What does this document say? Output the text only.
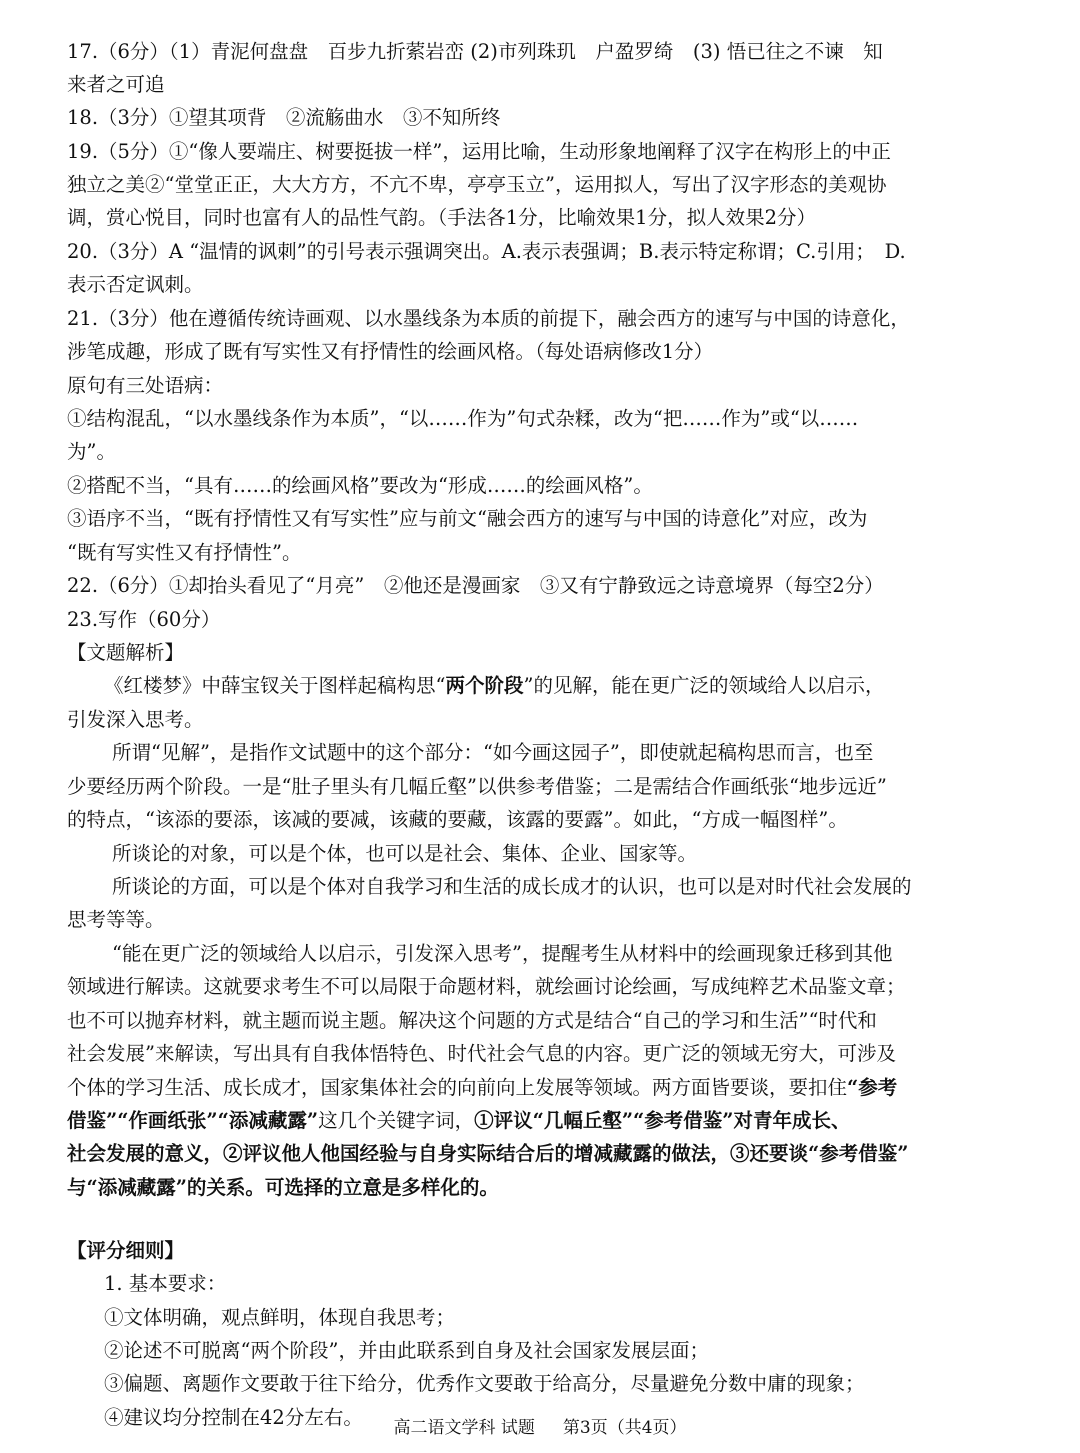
17.（6分）（1）青泥何盘盘　百步九折萦岩峦 (2)市列珠玑　户盈罗绮　(3) 悟已往之不谏　知
来者之可追
18.（3分）①望其项背　②流觞曲水　③不知所终
19.（5分）①“像人要端庄、树要挺拔一样”，运用比喻，生动形象地阐释了汉字在构形上的中正
独立之美②“堂堂正正，大大方方，不亢不卑，亭亭玉立”，运用拟人，写出了汉字形态的美观协
调，赏心悦目，同时也富有人的品性气韵。（手法各1分，比喻效果1分，拟人效果2分）
20.（3分）A “温情的讽刺”的引号表示强调突出。A.表示表强调；B.表示特定称谓；C.引用；　D.
表示否定讽刺。
21.（3分）他在遵循传统诗画观、以水墨线条为本质的前提下，融会西方的速写与中国的诗意化，
涉笔成趣，形成了既有写实性又有抒情性的绘画风格。（每处语病修改1分）
原句有三处语病：
①结构混乱，“以水墨线条作为本质”，“以……作为”句式杂糅，改为“把……作为”或“以……
为”。
②搭配不当，“具有……的绘画风格”要改为“形成……的绘画风格”。
③语序不当，“既有抒情性又有写实性”应与前文“融会西方的速写与中国的诗意化”对应，改为
“既有写实性又有抒情性”。
22.（6分）①却抬头看见了“月亮”　②他还是漫画家　③又有宁静致远之诗意境界（每空2分）
23.写作（60分）
【文题解析】
《红楼梦》中薛宝钗关于图样起稿构思“两个阶段”的见解，能在更广泛的领域给人以启示，
引发深入思考。
所谓“见解”，是指作文试题中的这个部分：“如今画这园子”，即使就起稿构思而言，也至
少要经历两个阶段。一是“肚子里头有几幅丘壑”以供参考借鉴；二是需结合作画纸张“地步远近”
的特点，“该添的要添，该减的要减，该藏的要藏，该露的要露”。如此，“方成一幅图样”。
所谈论的对象，可以是个体，也可以是社会、集体、企业、国家等。
所谈论的方面，可以是个体对自我学习和生活的成长成才的认识，也可以是对时代社会发展的
思考等等。
“能在更广泛的领域给人以启示，引发深入思考”，提醒考生从材料中的绘画现象迁移到其他
领域进行解读。这就要求考生不可以局限于命题材料，就绘画讨论绘画，写成纯粹艺术品鉴文章；
也不可以抛弃材料，就主题而说主题。解决这个问题的方式是结合“自己的学习和生活”“时代和
社会发展”来解读，写出具有自我体悟特色、时代社会气息的内容。更广泛的领域无穷大，可涉及
个体的学习生活、成长成才，国家集体社会的向前向上发展等领域。两方面皆要谈，要扣住“参考
借鉴”“作画纸张”“添减藏露”这几个关键字词，①评议“几幅丘壑”“参考借鉴”对青年成长、
社会发展的意义，②评议他人他国经验与自身实际结合后的增减藏露的做法，③还要谈“参考借鉴”
与“添减藏露”的关系。可选择的立意是多样化的。
【评分细则】
1. 基本要求：
①文体明确，观点鲜明，体现自我思考；
②论述不可脱离“两个阶段”，并由此联系到自身及社会国家发展层面；
③偏题、离题作文要敢于往下给分，优秀作文要敢于给高分，尽量避免分数中庸的现象；
④建议均分控制在42分左右。	高二语文学科 试题 第3页（共4页）
